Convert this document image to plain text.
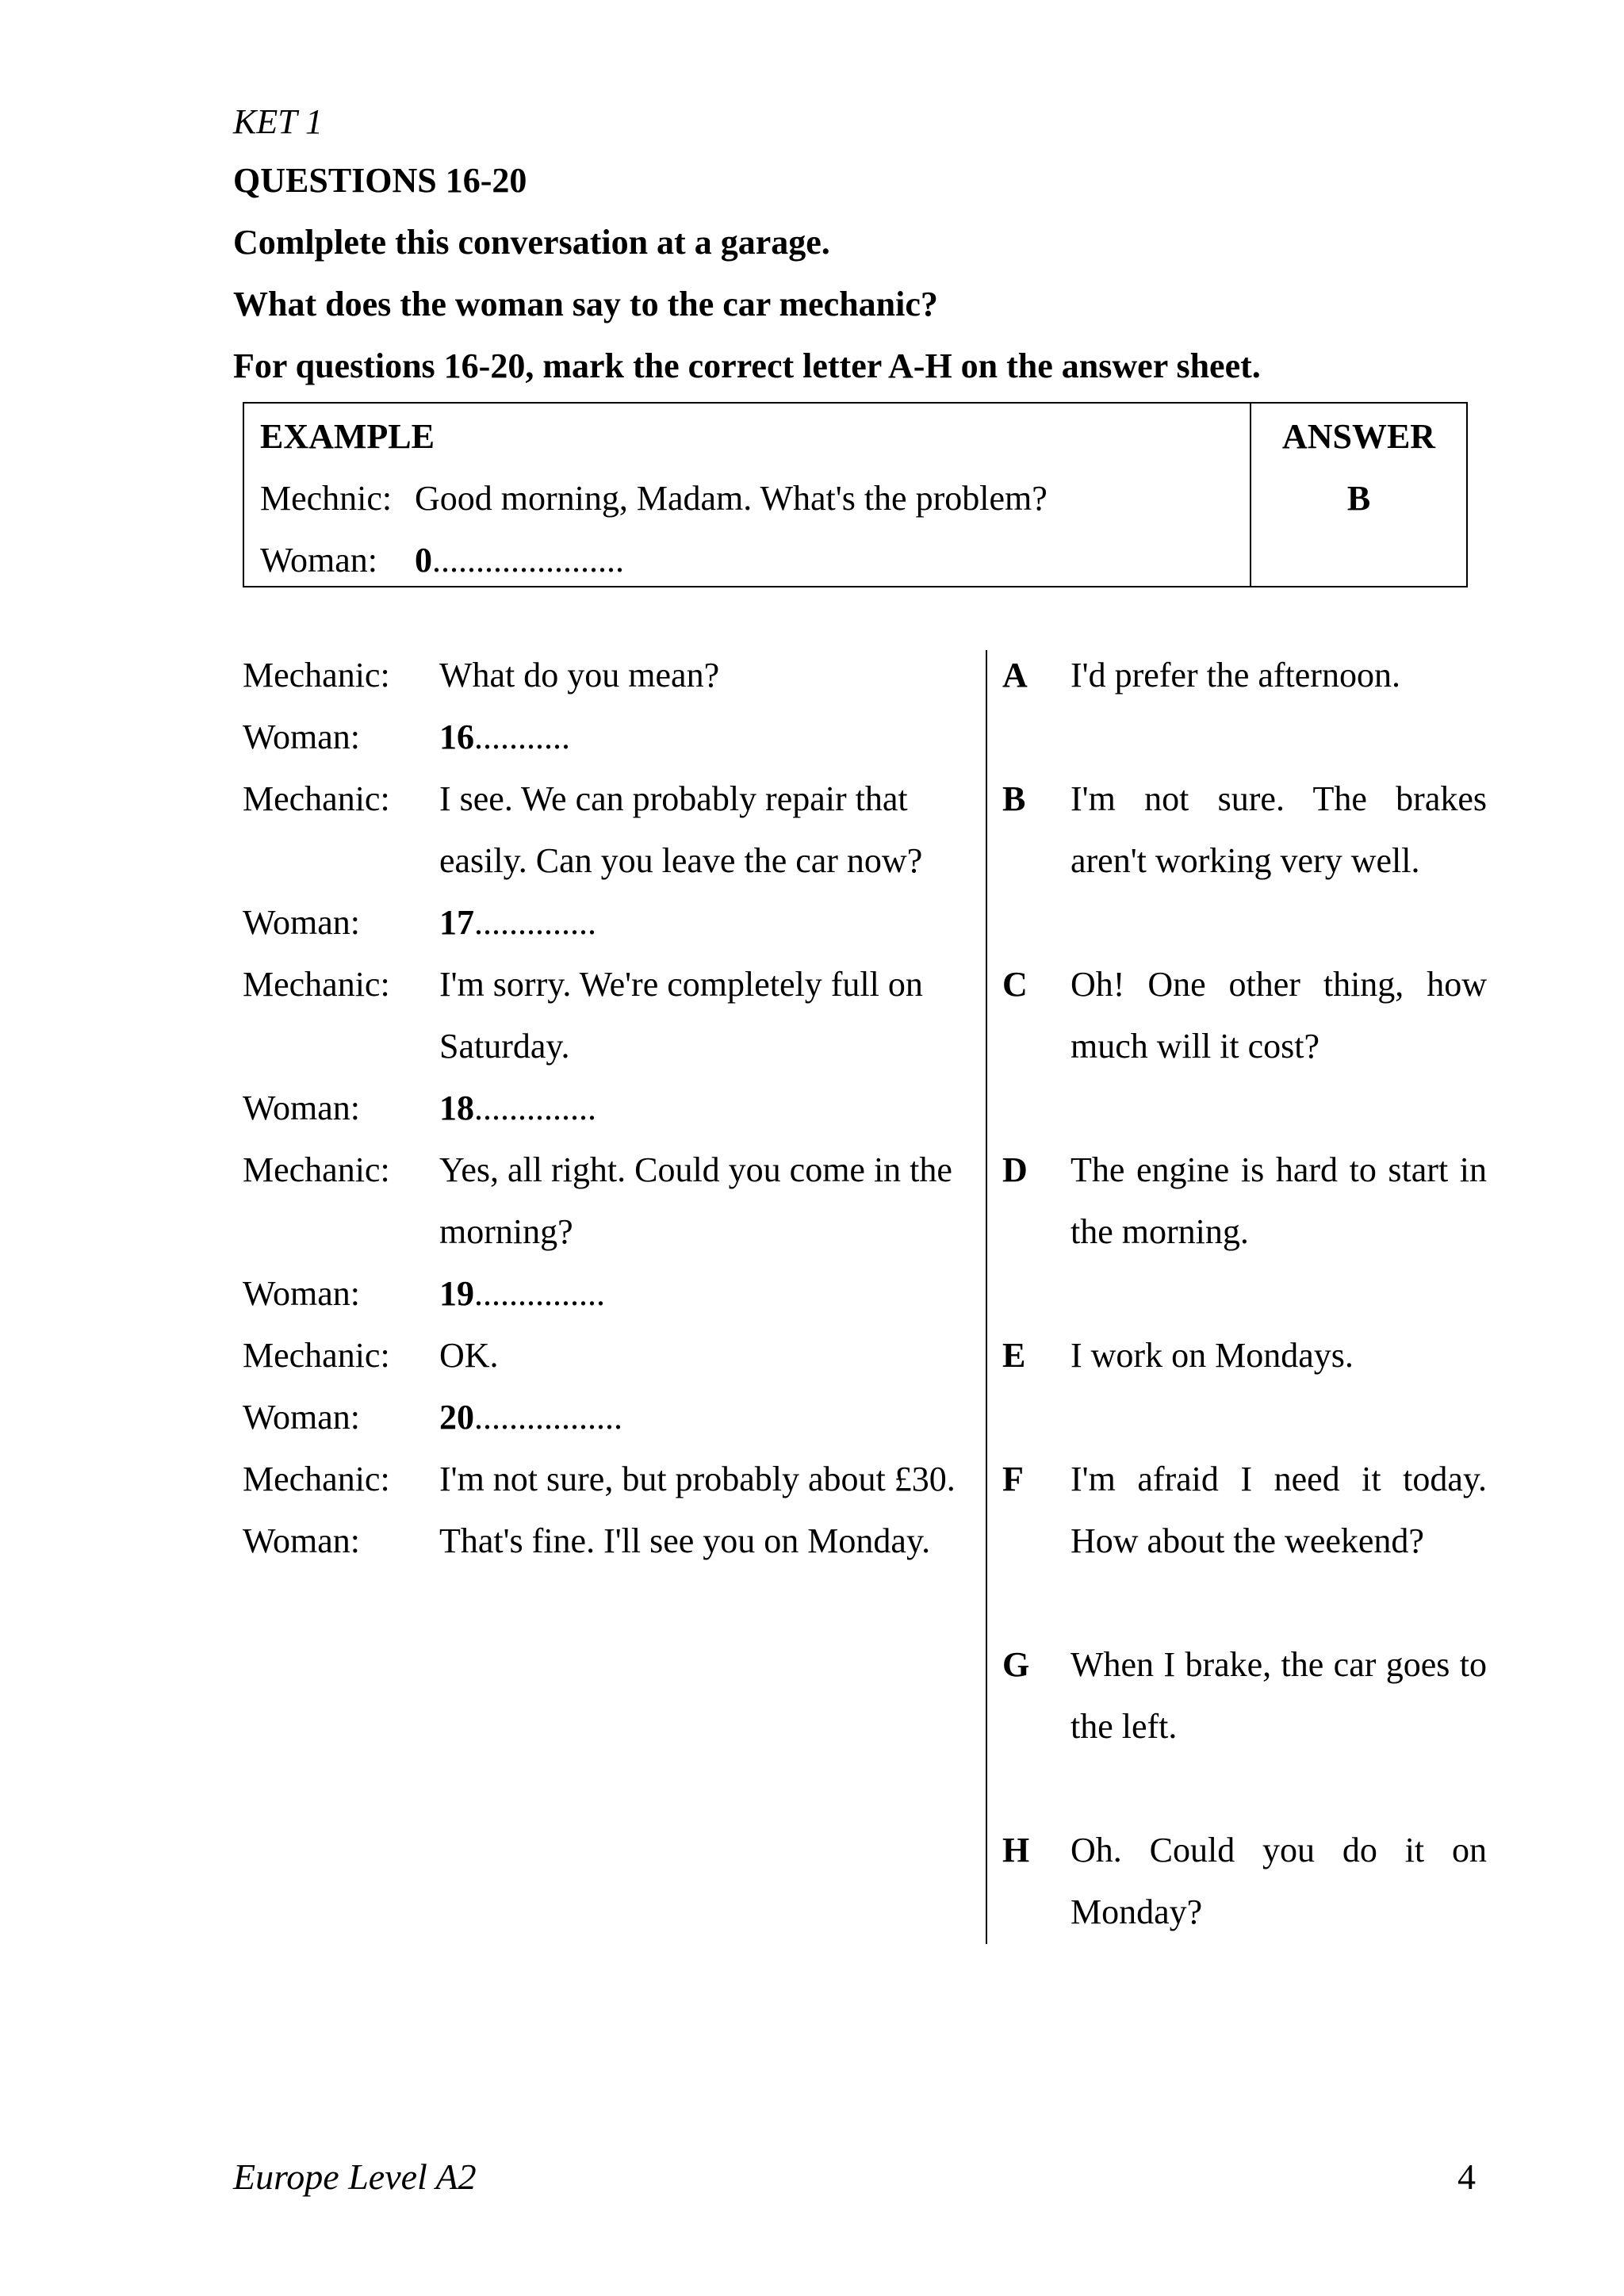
KET 1
QUESTIONS 16-20
Comlplete this conversation at a garage.
What does the woman say to the car mechanic?
For questions 16-20, mark the correct letter A-H on the answer sheet.
EXAMPLE
Mechnic: Good morning, Madam. What's the problem?
Woman: 0......................
ANSWER
B
Mechanic: What do you mean?
Woman: 16...........
Mechanic: I see. We can probably repair that
easily. Can you leave the car now?
Woman: 17..............
Mechanic: I'm sorry. We're completely full on
Saturday.
Woman: 18..............
Mechanic: Yes, all right. Could you come in the
morning?
Woman: 19...............
Mechanic: OK.
Woman: 20.................
Mechanic: I'm not sure, but probably about £30.
Woman: That's fine. I'll see you on Monday.
A I'd prefer the afternoon.
B I'm not sure. The brakes aren't working very well.
C Oh! One other thing, how much will it cost?
D The engine is hard to start in the morning.
E I work on Mondays.
F I'm afraid I need it today. How about the weekend?
G When I brake, the car goes to the left.
H Oh. Could you do it on Monday?
Europe Level A2	4
